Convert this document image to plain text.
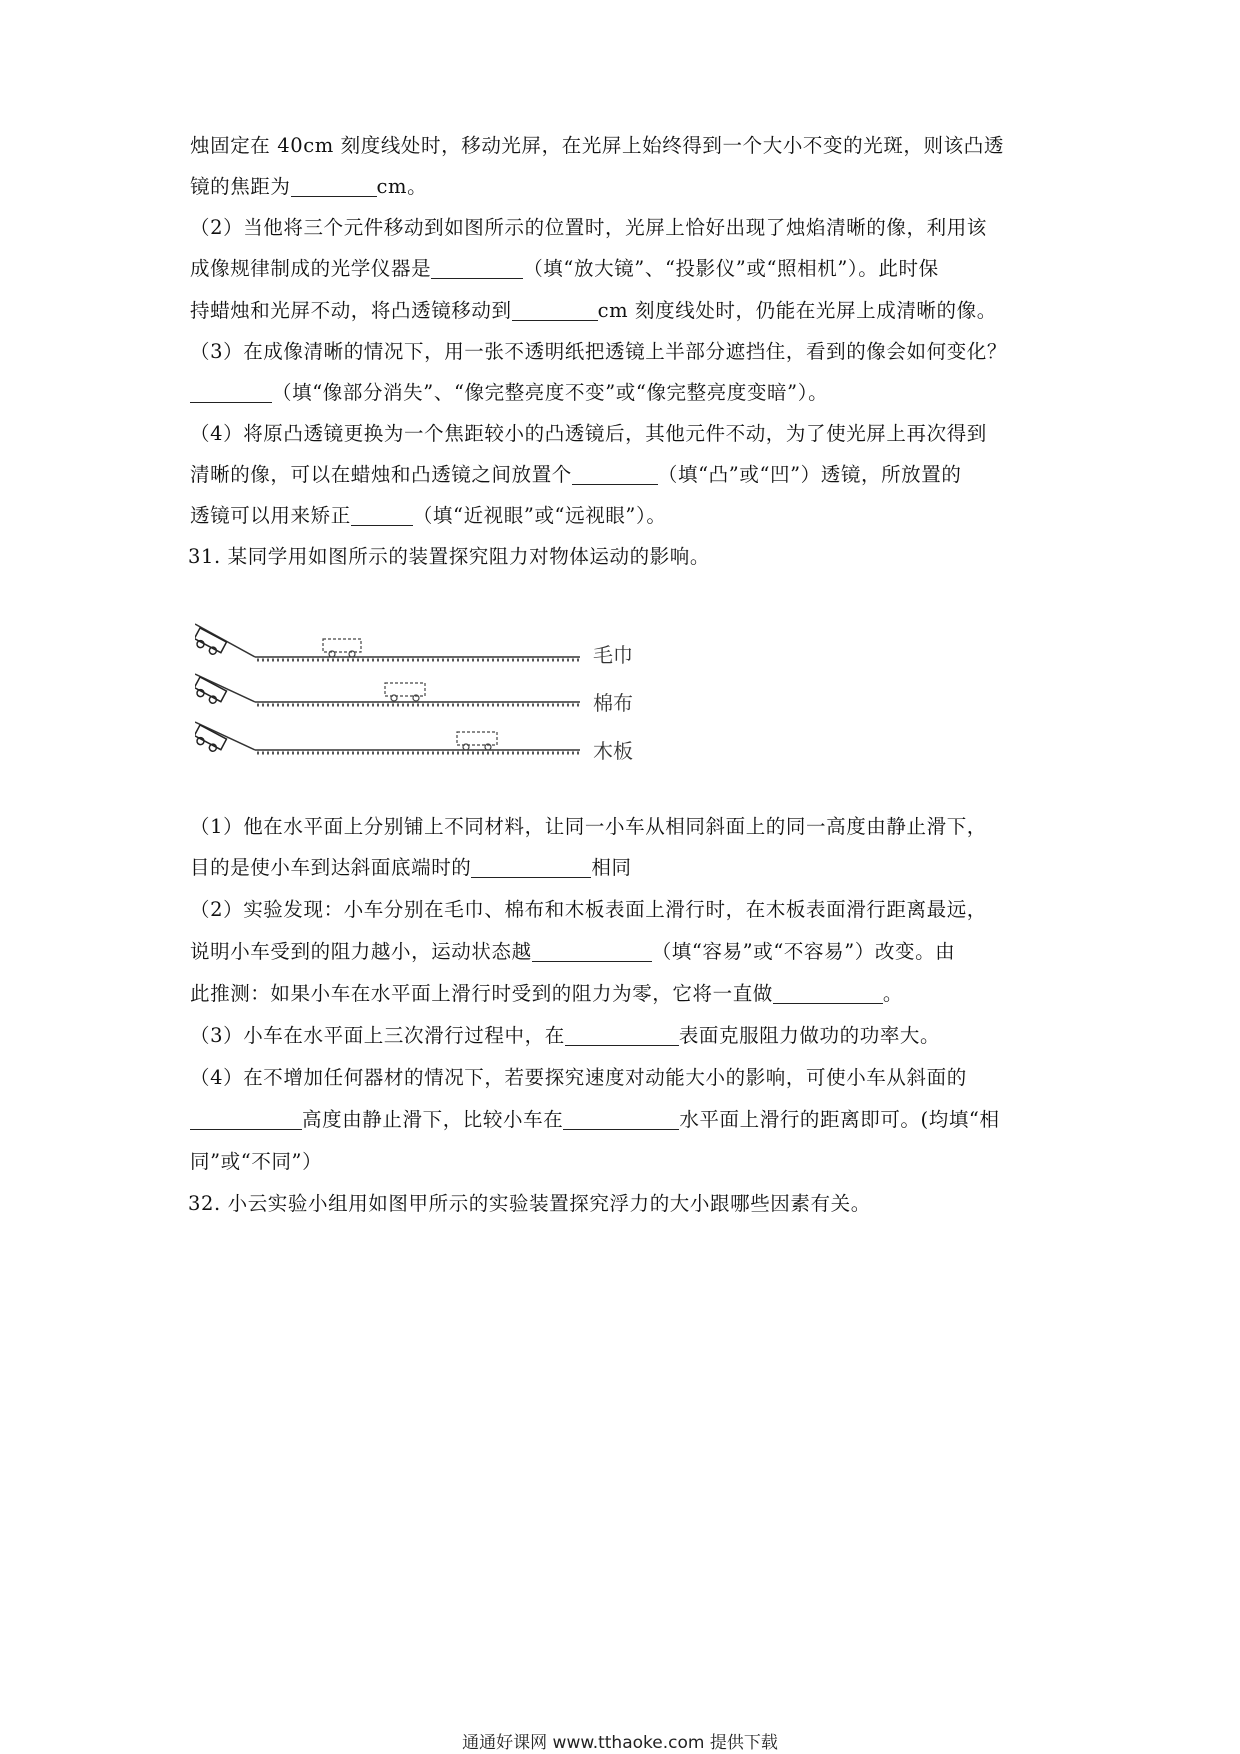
烛固定在 40cm 刻度线处时，移动光屏，在光屏上始终得到一个大小不变的光斑，则该凸透
镜的焦距为	cm。
（2）当他将三个元件移动到如图所示的位置时，光屏上恰好出现了烛焰清晰的像，利用该
成像规律制成的光学仪器是	（填“放大镜”、“投影仪”或“照相机”）。此时保
持蜡烛和光屏不动，将凸透镜移动到	cm 刻度线处时，仍能在光屏上成清晰的像。
（3）在成像清晰的情况下，用一张不透明纸把透镜上半部分遮挡住，看到的像会如何变化？
（填“像部分消失”、“像完整亮度不变”或“像完整亮度变暗”）。
（4）将原凸透镜更换为一个焦距较小的凸透镜后，其他元件不动，为了使光屏上再次得到
清晰的像，可以在蜡烛和凸透镜之间放置个	（填“凸”或“凹”）透镜，所放置的
透镜可以用来矫正	（填“近视眼”或“远视眼”）。
31. 某同学用如图所示的装置探究阻力对物体运动的影响。
毛巾
棉布
木板
（1）他在水平面上分别铺上不同材料，让同一小车从相同斜面上的同一高度由静止滑下，
目的是使小车到达斜面底端时的	相同
（2）实验发现：小车分别在毛巾、棉布和木板表面上滑行时，在木板表面滑行距离最远，
说明小车受到的阻力越小，运动状态越	（填“容易”或“不容易”）改变。由
此推测：如果小车在水平面上滑行时受到的阻力为零，它将一直做	。
（3）小车在水平面上三次滑行过程中，在	表面克服阻力做功的功率大。
（4）在不增加任何器材的情况下，若要探究速度对动能大小的影响，可使小车从斜面的
高度由静止滑下，比较小车在	水平面上滑行的距离即可。(均填“相
同”或“不同”）
32. 小云实验小组用如图甲所示的实验装置探究浮力的大小跟哪些因素有关。
通通好课网 www.tthaoke.com 提供下载
